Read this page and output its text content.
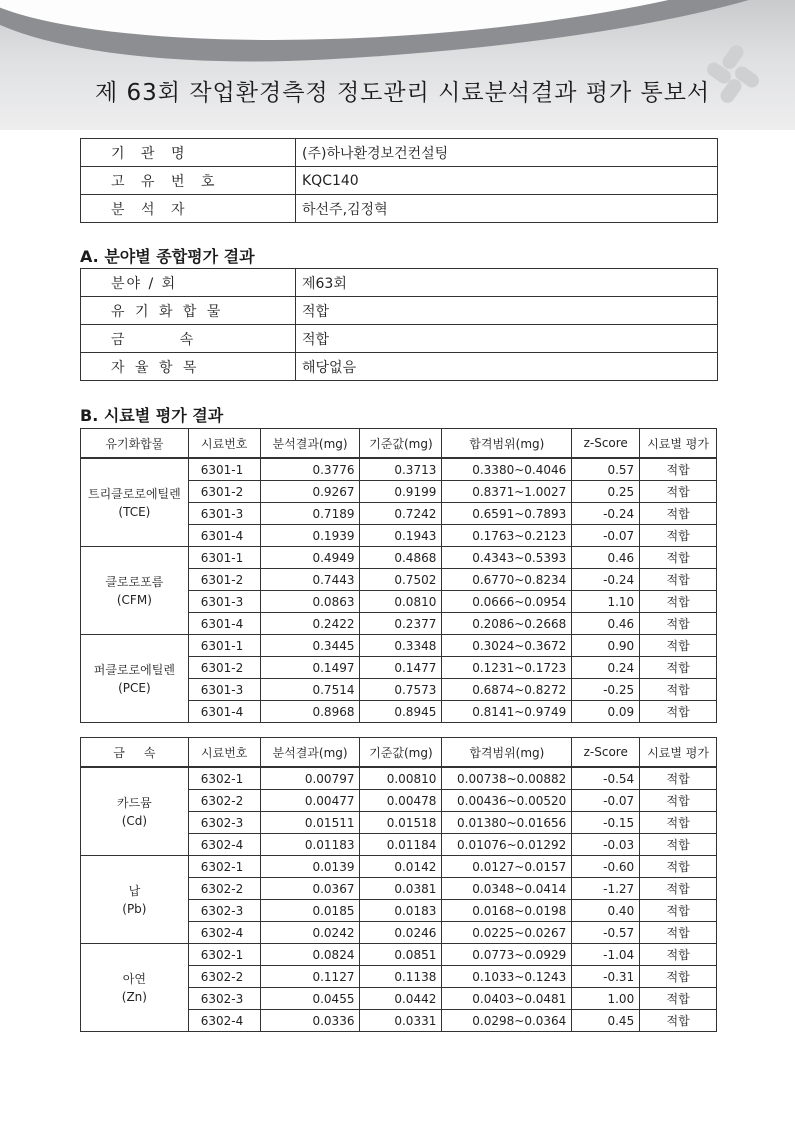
제 63회 작업환경측정 정도관리 시료분석결과 평가 통보서
기 관 명	(주)하나환경보건컨설팅
고 유 번 호	KQC140
분 석 자	하선주,김정혁
A. 분야별 종합평가 결과
분야 / 회	제63회
유 기 화 합 물	적합
금       속	적합
자 율 항 목	해당없음
B. 시료별 평가 결과
유기화합물	시료번호	분석결과(mg)	기준값(mg)	합격범위(mg)	z-Score	시료별 평가

트리클로로에틸렌
(TCE)	6301-1	0.3776	0.3713	0.3380~0.4046	0.57	적합
	6301-2	0.9267	0.9199	0.8371~1.0027	0.25	적합
	6301-3	0.7189	0.7242	0.6591~0.7893	-0.24	적합
	6301-4	0.1939	0.1943	0.1763~0.2123	-0.07	적합

클로로포름
(CFM)	6301-1	0.4949	0.4868	0.4343~0.5393	0.46	적합
	6301-2	0.7443	0.7502	0.6770~0.8234	-0.24	적합
	6301-3	0.0863	0.0810	0.0666~0.0954	1.10	적합
	6301-4	0.2422	0.2377	0.2086~0.2668	0.46	적합

퍼클로로에틸렌
(PCE)	6301-1	0.3445	0.3348	0.3024~0.3672	0.90	적합
	6301-2	0.1497	0.1477	0.1231~0.1723	0.24	적합
	6301-3	0.7514	0.7573	0.6874~0.8272	-0.25	적합
	6301-4	0.8968	0.8945	0.8141~0.9749	0.09	적합
금     속	시료번호	분석결과(mg)	기준값(mg)	합격범위(mg)	z-Score	시료별 평가

카드뮴
(Cd)	6302-1	0.00797	0.00810	0.00738~0.00882	-0.54	적합
	6302-2	0.00477	0.00478	0.00436~0.00520	-0.07	적합
	6302-3	0.01511	0.01518	0.01380~0.01656	-0.15	적합
	6302-4	0.01183	0.01184	0.01076~0.01292	-0.03	적합

납
(Pb)	6302-1	0.0139	0.0142	0.0127~0.0157	-0.60	적합
	6302-2	0.0367	0.0381	0.0348~0.0414	-1.27	적합
	6302-3	0.0185	0.0183	0.0168~0.0198	0.40	적합
	6302-4	0.0242	0.0246	0.0225~0.0267	-0.57	적합

아연
(Zn)	6302-1	0.0824	0.0851	0.0773~0.0929	-1.04	적합
	6302-2	0.1127	0.1138	0.1033~0.1243	-0.31	적합
	6302-3	0.0455	0.0442	0.0403~0.0481	1.00	적합
	6302-4	0.0336	0.0331	0.0298~0.0364	0.45	적합
